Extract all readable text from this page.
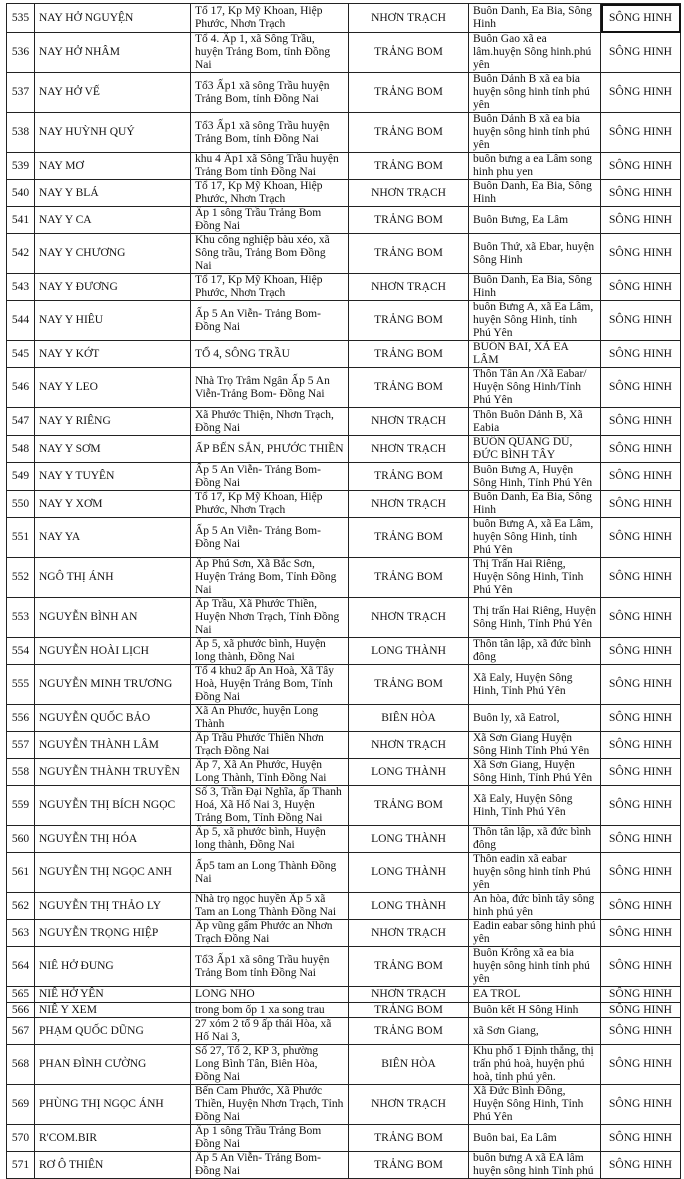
535	NAY HỞ NGUYỆN	Tổ 17, Kp Mỹ Khoan, Hiệp Phước, Nhơn Trạch	NHƠN TRẠCH	Buôn Danh, Ea Bia, Sông Hinh	SÔNG HINH
536	NAY HỞ NHÂM	Tổ 4. Ấp 1, xã Sông Trầu, huyện Trảng Bom, tỉnh Đồng Nai	TRẢNG BOM	Buôn Gao xã ea lâm.huyện Sông hinh.phú yên	SÔNG HINH
537	NAY HỞ VẾ	Tổ3 Ấp1 xã sông Trầu huyện Trảng Bom, tỉnh Đồng Nai	TRẢNG BOM	Buôn Dảnh B xã ea bia huyện sông hinh tỉnh phú yên	SÔNG HINH
538	NAY HUỲNH QUÝ	Tổ3 Ấp1 xã sông Trầu huyện Trảng Bom, tỉnh Đồng Nai	TRẢNG BOM	Buôn Dảnh B xã ea bia huyện sông hinh tỉnh phú yên	SÔNG HINH
539	NAY MƠ	khu 4 Ấp1 xã Sông Trầu huyện Trảng Bom tỉnh Đồng Nai	TRẢNG BOM	buôn bưng a ea Lâm song hinh phu yen	SÔNG HINH
540	NAY Y BLÁ	Tổ 17, Kp Mỹ Khoan, Hiệp Phước, Nhơn Trạch	NHƠN TRẠCH	Buôn Danh, Ea Bia, Sông Hinh	SÔNG HINH
541	NAY Y CA	Ấp 1 sông Trầu Trảng Bom Đồng Nai	TRẢNG BOM	Buôn Bưng, Ea Lâm	SÔNG HINH
542	NAY Y CHƯƠNG	Khu công nghiệp bàu xéo, xã Sông trầu, Trảng Bom Đồng Nai	TRẢNG BOM	Buôn Thứ, xã Ebar, huyện Sông Hinh	SÔNG HINH
543	NAY Y ĐƯƠNG	Tổ 17, Kp Mỹ Khoan, Hiệp Phước, Nhơn Trạch	NHƠN TRẠCH	Buôn Danh, Ea Bia, Sông Hinh	SÔNG HINH
544	NAY Y HIÊU	Ấp 5 An Viễn- Trảng Bom- Đồng Nai	TRẢNG BOM	buôn Bưng A, xã Ea Lâm, huyện Sông Hinh, tỉnh Phú Yên	SÔNG HINH
545	NAY Y KỚT	TỔ 4, SÔNG TRẦU	TRẢNG BOM	BUÔN BAI, XÃ EA LÂM	SÔNG HINH
546	NAY Y LEO	Nhà Trọ Trâm Ngân Ấp 5 An Viễn-Trảng Bom- Đồng Nai	TRẢNG BOM	Thôn Tân An /Xã Eabar/ Huyện Sông Hinh/Tỉnh Phú Yên	SÔNG HINH
547	NAY Y RIÊNG	Xã Phước Thiện, Nhơn Trạch, Đồng Nai	NHƠN TRẠCH	Thôn Buôn Dảnh B, Xã Eabia	SÔNG HINH
548	NAY Y SƠM	ẤP BẾN SẮN, PHƯỚC THIỀN	NHƠN TRẠCH	BUÔN QUANG DÙ, ĐỨC BÌNH TÂY	SÔNG HINH
549	NAY Y TUYÊN	Ấp 5 An Viễn- Trảng Bom- Đồng Nai	TRẢNG BOM	Buôn Bưng A, Huyện Sông Hinh, Tỉnh Phú Yên	SÔNG HINH
550	NAY Y XƠM	Tổ 17, Kp Mỹ Khoan, Hiệp Phước, Nhơn Trạch	NHƠN TRẠCH	Buôn Danh, Ea Bia, Sông Hinh	SÔNG HINH
551	NAY YA	Ấp 5 An Viễn- Trảng Bom- Đồng Nai	TRẢNG BOM	buôn Bưng A, xã Ea Lâm, huyện Sông Hinh, tỉnh Phú Yên	SÔNG HINH
552	NGÔ THỊ ÁNH	Ấp Phú Sơn, Xã Bắc Sơn, Huyện Trảng Bom, Tỉnh Đồng Nai	TRẢNG BOM	Thị Trấn Hai Riêng, Huyện Sông Hinh, Tỉnh Phú Yên	SÔNG HINH
553	NGUYỄN BÌNH AN	Ấp Trầu, Xã Phước Thiền, Huyện Nhơn Trạch, Tỉnh Đồng Nai	NHƠN TRẠCH	Thị trấn Hai Riêng, Huyện Sông Hinh, Tỉnh Phú Yên	SÔNG HINH
554	NGUYỄN HOÀI LỊCH	Ấp 5, xã phước bình, Huyện long thành, Đồng Nai	LONG THÀNH	Thôn tân lập, xã đức bình đông	SÔNG HINH
555	NGUYỄN MINH TRƯƠNG	Tổ 4 khu2 ấp An Hoà, Xã Tây Hoà, Huyện Trảng Bom, Tỉnh Đồng Nai	TRẢNG BOM	Xã Ealy, Huyện Sông Hinh, Tỉnh Phú Yên	SÔNG HINH
556	NGUYỄN QUỐC BẢO	Xã An Phước, huyện Long Thành	BIÊN HÒA	Buôn ly, xã Eatrol,	SÔNG HINH
557	NGUYỄN THÀNH LÂM	Ấp Trầu Phước Thiền Nhơn Trạch Đồng Nai	NHƠN TRẠCH	Xã Sơn Giang Huyện Sông Hinh Tỉnh Phú Yên	SÔNG HINH
558	NGUYỄN THÀNH TRUYỀN	Ấp 7, Xã An Phước, Huyện Long Thành, Tỉnh Đồng Nai	LONG THÀNH	Xã Sơn Giang, Huyện Sông Hinh, Tỉnh Phú Yên	SÔNG HINH
559	NGUYỄN THỊ BÍCH NGỌC	Số 3, Trần Đại Nghĩa, ấp Thanh Hoá, Xã Hố Nai 3, Huyện Trảng Bom, Tỉnh Đồng Nai	TRẢNG BOM	Xã Ealy, Huyện Sông Hinh, Tỉnh Phú Yên	SÔNG HINH
560	NGUYỄN THỊ HÓA	Ấp 5, xã phước bình, Huyện long thành, Đồng Nai	LONG THÀNH	Thôn tân lập, xã đức bình đông	SÔNG HINH
561	NGUYỄN THỊ NGỌC ANH	Ấp5 tam an Long Thành Đồng Nai	LONG THÀNH	Thôn eadin xã eabar huyện sông hinh tỉnh Phú yên	SÔNG HINH
562	NGUYỄN THỊ THẢO LY	Nhà trọ ngọc huyền Ấp 5 xã Tam an Long Thành Đồng Nai	LONG THÀNH	An hòa, đức bình tây sông hinh phú yên	SÔNG HINH
563	NGUYỄN TRỌNG HIỆP	Ấp vũng gấm Phước an Nhơn Trạch Đồng Nai	NHƠN TRẠCH	Eadin eabar sông hinh phú yên	SÔNG HINH
564	NIÊ HỞ ĐUNG	Tổ3 Ấp1 xã sông Trầu huyện Trảng Bom tỉnh Đồng Nai	TRẢNG BOM	Buôn Krông xã ea bia huyện sông hinh tỉnh phú yên	SÔNG HINH
565	NIÊ HỞ YÊN	LONG NHO	NHƠN TRẠCH	EA TROL	SÔNG HINH
566	NIÊ Y XEM	trong bom ốp 1 xa song trau	TRẢNG BOM	Buôn kết H Sông Hinh	SÔNG HINH
567	PHẠM QUỐC DŨNG	27 xóm 2 tổ 9 ấp thái Hòa, xã Hố Nai 3,	TRẢNG BOM	xã Sơn Giang,	SÔNG HINH
568	PHAN ĐÌNH CƯỜNG	Số 27, Tổ 2, KP 3, phường Long Bình Tân, Biên Hòa, Đồng Nai	BIÊN HÒA	Khu phố 1 Định thắng, thị trấn phú hoà, huyện phú hoà, tỉnh phú yên.	SÔNG HINH
569	PHÙNG THỊ NGỌC ÁNH	Bến Cam Phước, Xã Phước Thiền, Huyện Nhơn Trạch, Tỉnh Đồng Nai	NHƠN TRẠCH	Xã Đức Bình Đông, Huyện Sông Hinh, Tỉnh Phú Yên	SÔNG HINH
570	R'COM.BIR	Ấp 1 sông Trầu Trảng Bom Đồng Nai	TRẢNG BOM	Buôn bai, Ea Lâm	SÔNG HINH
571	RƠ Ô THIÊN	Ấp 5 An Viễn- Trảng Bom- Đồng Nai	TRẢNG BOM	buôn bưng A xã EA lâm huyện sông hinh Tỉnh phú	SÔNG HINH
